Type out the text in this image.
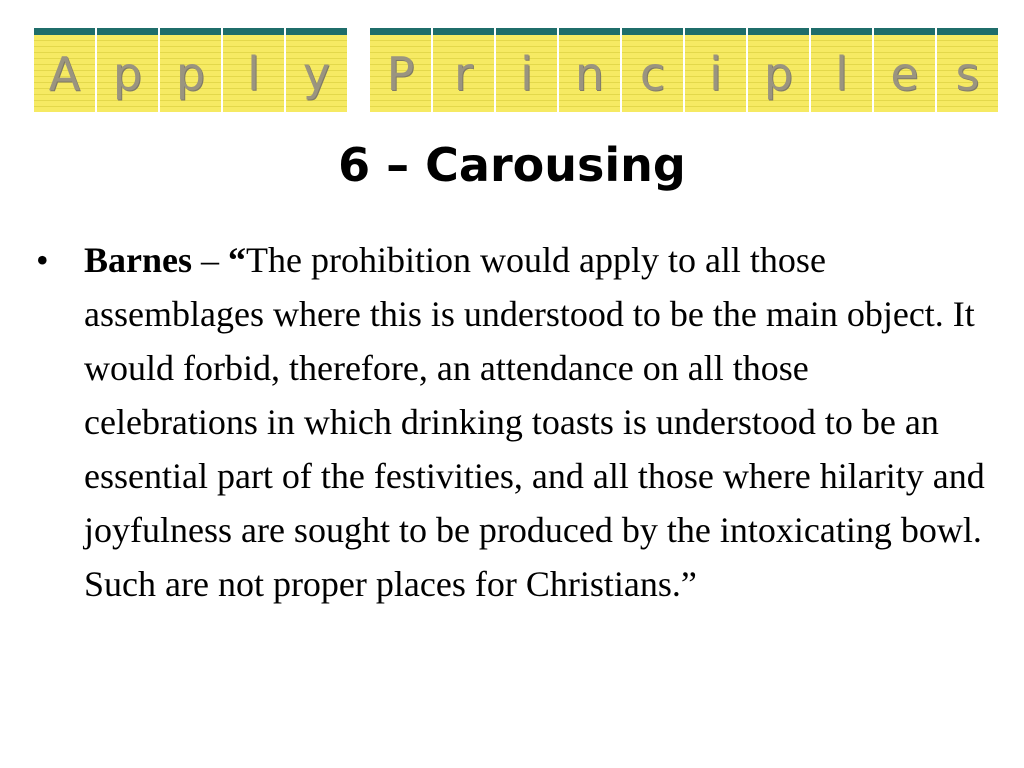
A p p l y P r i n c i p l e s
6 – Carousing
• Barnes – “The prohibition would apply to all those assemblages where this is understood to be the main object. It would forbid, therefore, an attendance on all those celebrations in which drinking toasts is understood to be an essential part of the festivities, and all those where hilarity and joyfulness are sought to be produced by the intoxicating bowl. Such are not proper places for Christians.”
